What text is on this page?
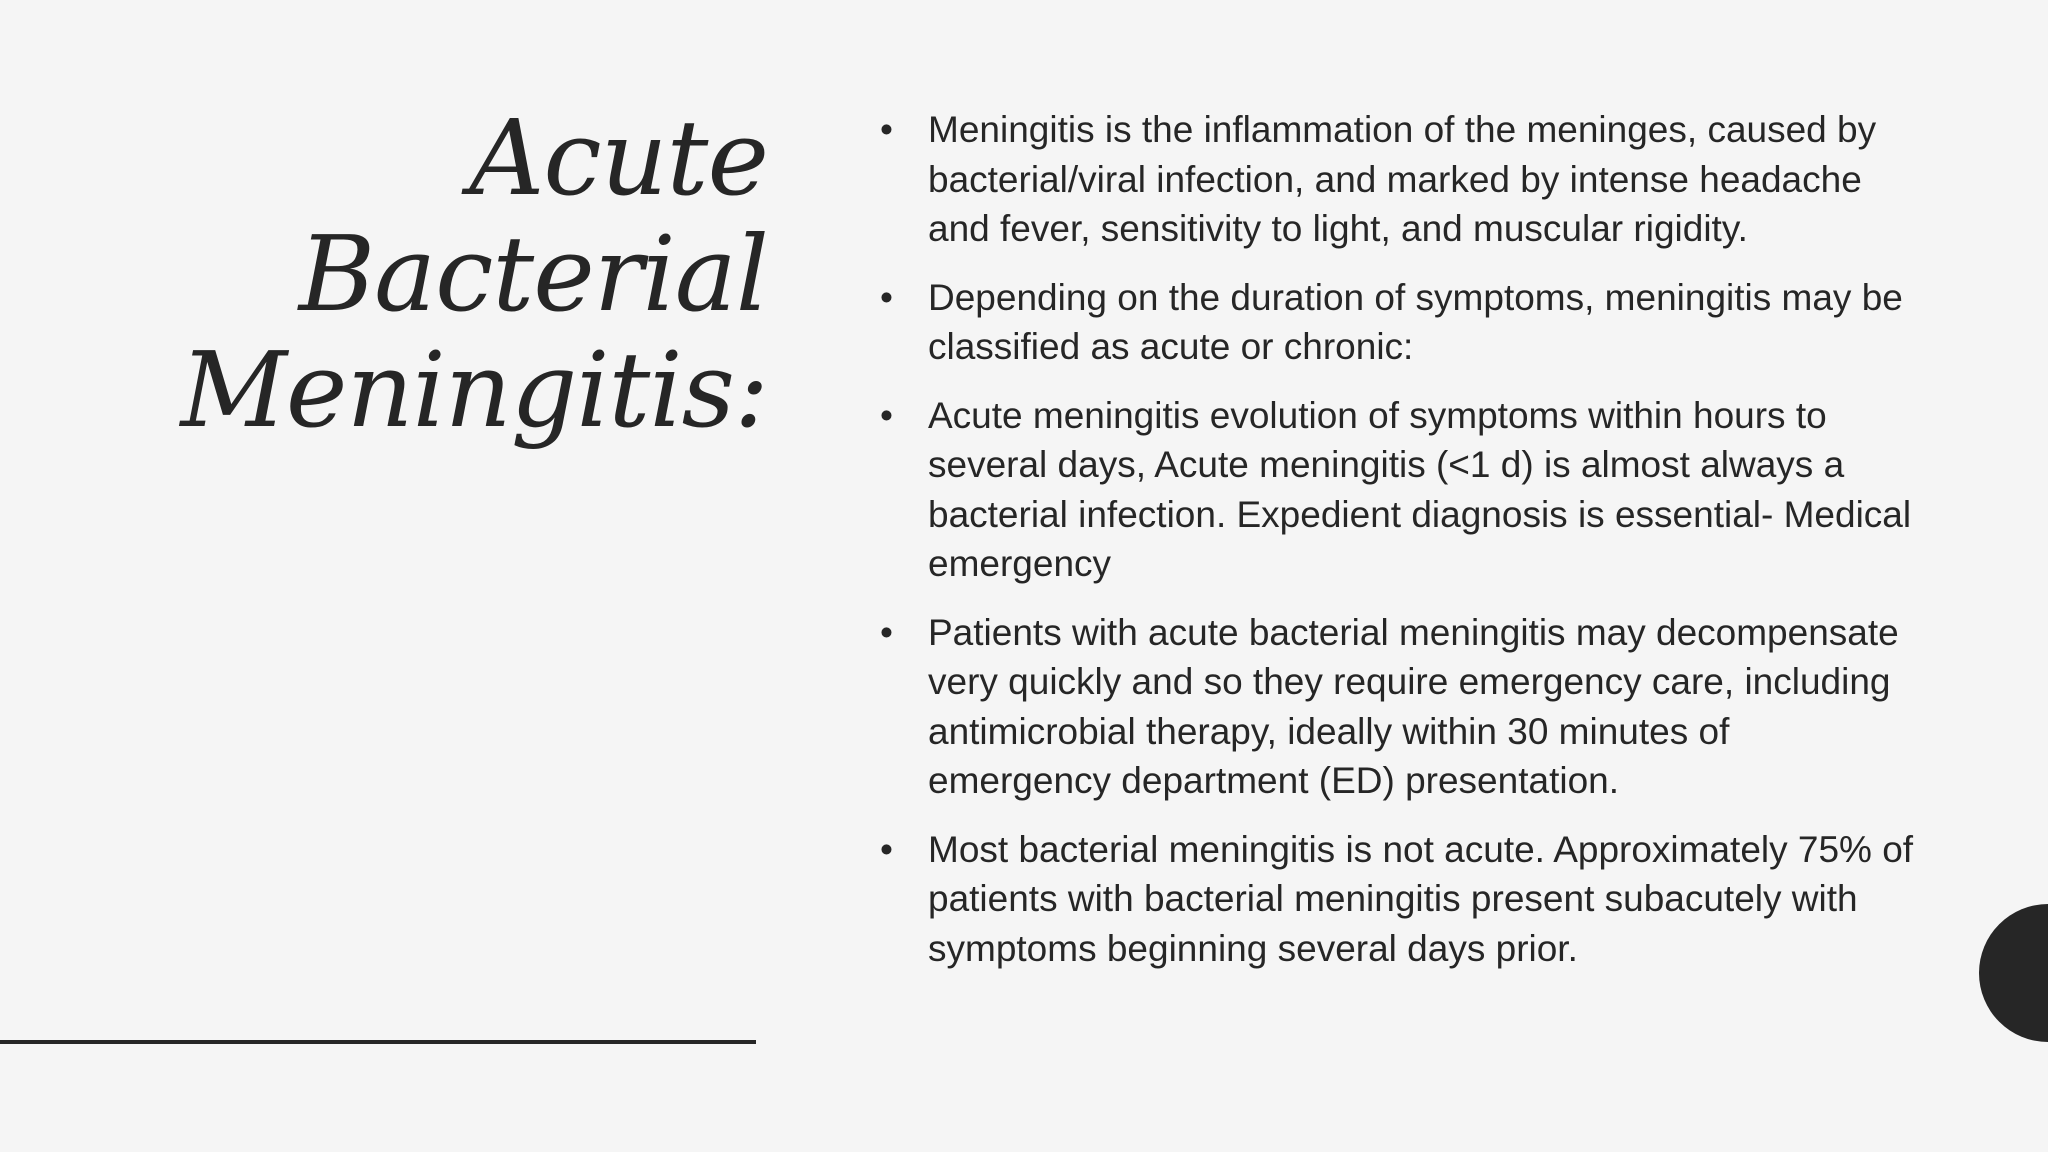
Acute
Bacterial
Meningitis:
• Meningitis is the inflammation of the meninges, caused by bacterial/viral infection, and marked by intense headache and fever, sensitivity to light, and muscular rigidity.
• Depending on the duration of symptoms, meningitis may be classified as acute or chronic:
• Acute meningitis evolution of symptoms within hours to several days, Acute meningitis (<1 d) is almost always a bacterial infection. Expedient diagnosis is essential- Medical emergency
• Patients with acute bacterial meningitis may decompensate very quickly and so they require emergency care, including antimicrobial therapy, ideally within 30 minutes of emergency department (ED) presentation.
• Most bacterial meningitis is not acute. Approximately 75% of patients with bacterial meningitis present subacutely with symptoms beginning several days prior.
